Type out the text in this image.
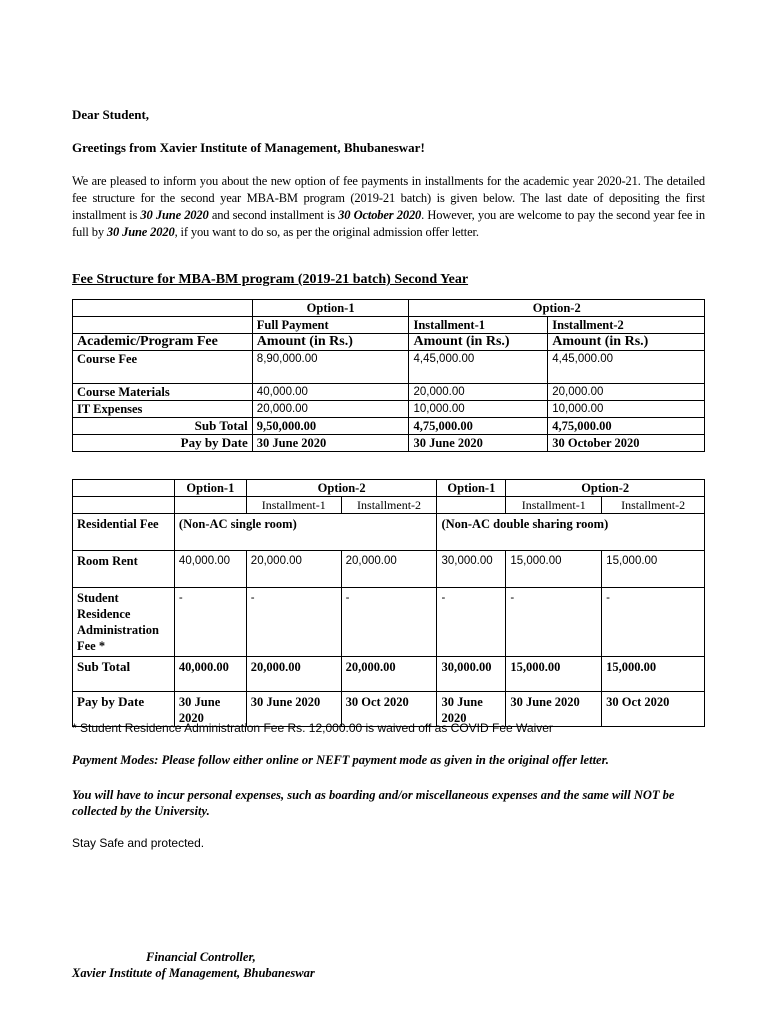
Dear Student,
Greetings from Xavier Institute of Management, Bhubaneswar!
We are pleased to inform you about the new option of fee payments in installments for the academic year 2020-21. The detailed fee structure for the second year MBA-BM program (2019-21 batch) is given below. The last date of depositing the first installment is 30 June 2020 and second installment is 30 October 2020. However, you are welcome to pay the second year fee in full by 30 June 2020, if you want to do so, as per the original admission offer letter.
Fee Structure for MBA-BM program (2019-21 batch) Second Year
	Option-1	Option-2	
	Full Payment	Installment-1	Installment-2
Academic/Program Fee	Amount (in Rs.)	Amount (in Rs.)	Amount (in Rs.)
Course Fee	8,90,000.00	4,45,000.00	4,45,000.00
Course Materials	40,000.00	20,000.00	20,000.00
IT Expenses	20,000.00	10,000.00	10,000.00
Sub Total	9,50,000.00	4,75,000.00	4,75,000.00
Pay by Date	30 June 2020	30 June 2020	30 October 2020
	Option-1	Option-2		Option-1	Option-2	
		Installment-1	Installment-2		Installment-1	Installment-2
Residential Fee	(Non-AC single room)			(Non-AC double sharing room)		
Room Rent	40,000.00	20,000.00	20,000.00	30,000.00	15,000.00	15,000.00
Student Residence Administration Fee *	-	-	-	-	-	-
Sub Total	40,000.00	20,000.00	20,000.00	30,000.00	15,000.00	15,000.00
Pay by Date	30 June 2020	30 June 2020	30 Oct 2020	30 June 2020	30 June 2020	30 Oct 2020
* Student Residence Administration Fee Rs. 12,000.00 is waived off as COVID Fee Waiver
Payment Modes: Please follow either online or NEFT payment mode as given in the original offer letter.
You will have to incur personal expenses, such as boarding and/or miscellaneous expenses and the same will NOT be collected by the University.
Stay Safe and protected.
Financial Controller,
Xavier Institute of Management, Bhubaneswar
